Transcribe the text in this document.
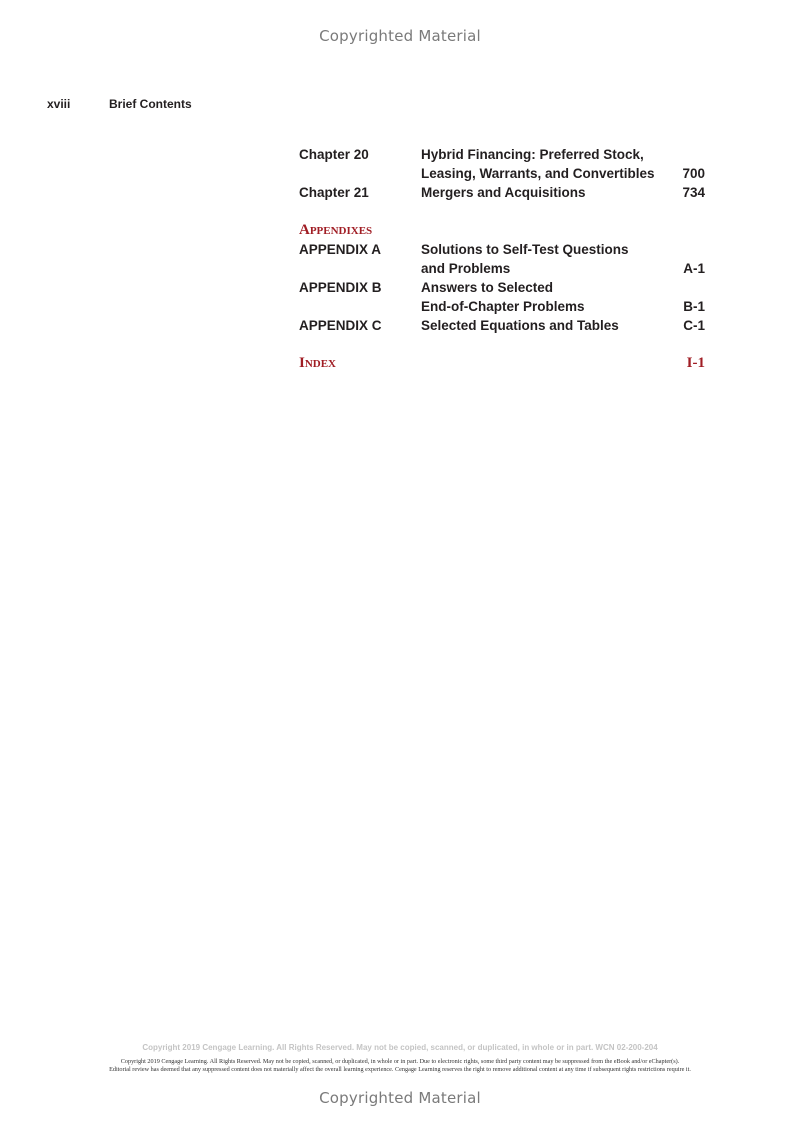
Copyrighted Material
xviii	Brief Contents
Chapter 20	Hybrid Financing: Preferred Stock,
Leasing, Warrants, and Convertibles	700
Chapter 21	Mergers and Acquisitions	734
Appendixes
APPENDIX A	Solutions to Self-Test Questions
and Problems	A-1
APPENDIX B	Answers to Selected
End-of-Chapter Problems	B-1
APPENDIX C	Selected Equations and Tables	C-1
Index	I-1
Copyright 2019 Cengage Learning. All Rights Reserved. May not be copied, scanned, or duplicated, in whole or in part. WCN 02-200-204
Copyright 2019 Cengage Learning. All Rights Reserved. May not be copied, scanned, or duplicated, in whole or in part. Due to electronic rights, some third party content may be suppressed from the eBook and/or eChapter(s).
Editorial review has deemed that any suppressed content does not materially affect the overall learning experience. Cengage Learning reserves the right to remove additional content at any time if subsequent rights restrictions require it.
Copyrighted Material
